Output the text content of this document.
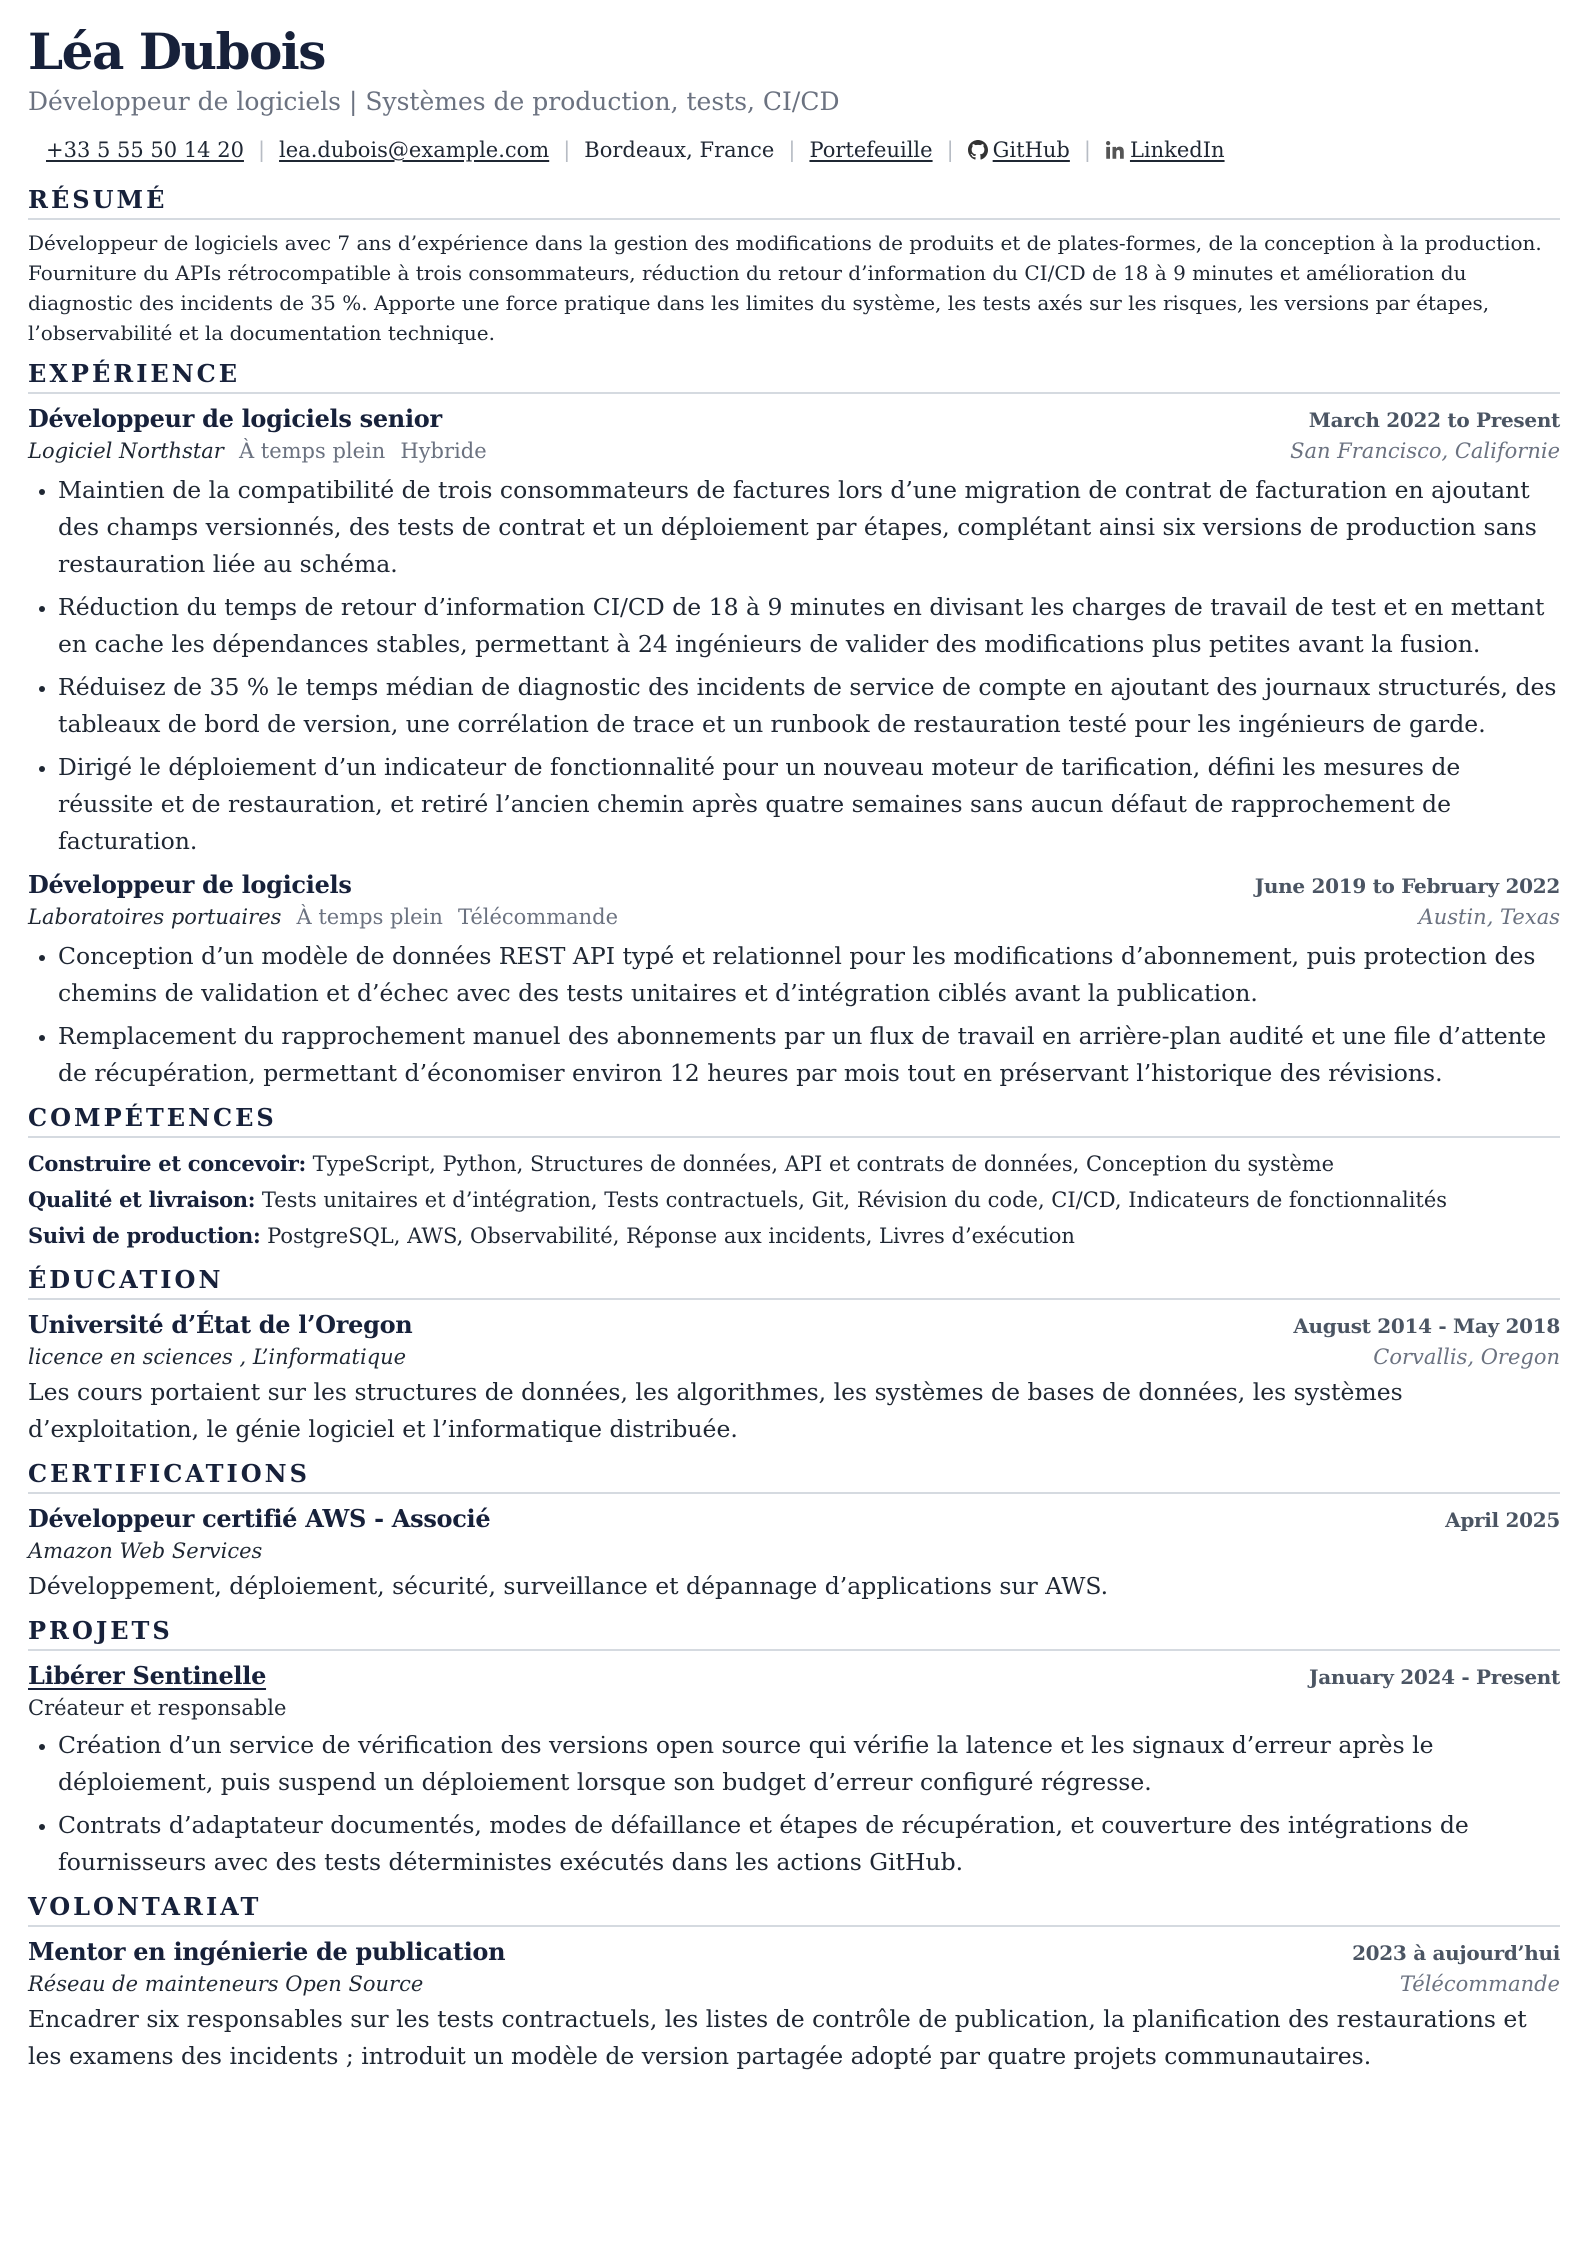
Léa Dubois
Développeur de logiciels | Systèmes de production, tests, CI/CD
+33 5 55 50 14 20 | lea.dubois@example.com | Bordeaux, France | Portefeuille |	GitHub |	LinkedIn
RÉSUMÉ
Développeur de logiciels avec 7 ans d’expérience dans la gestion des modifications de produits et de plates-formes, de la conception à la production. Fourniture du APIs rétrocompatible à trois consommateurs, réduction du retour d’information du CI/CD de 18 à 9 minutes et amélioration du diagnostic des incidents de 35 %. Apporte une force pratique dans les limites du système, les tests axés sur les risques, les versions par étapes, l’observabilité et la documentation technique.
EXPÉRIENCE
Développeur de logiciels senior	March 2022 to Present
Logiciel Northstar À temps plein Hybride	San Francisco, Californie
• Maintien de la compatibilité de trois consommateurs de factures lors d’une migration de contrat de facturation en ajoutant des champs versionnés, des tests de contrat et un déploiement par étapes, complétant ainsi six versions de production sans restauration liée au schéma.
• Réduction du temps de retour d’information CI/CD de 18 à 9 minutes en divisant les charges de travail de test et en mettant en cache les dépendances stables, permettant à 24 ingénieurs de valider des modifications plus petites avant la fusion.
• Réduisez de 35 % le temps médian de diagnostic des incidents de service de compte en ajoutant des journaux structurés, des tableaux de bord de version, une corrélation de trace et un runbook de restauration testé pour les ingénieurs de garde.
• Dirigé le déploiement d’un indicateur de fonctionnalité pour un nouveau moteur de tarification, défini les mesures de réussite et de restauration, et retiré l’ancien chemin après quatre semaines sans aucun défaut de rapprochement de facturation.
Développeur de logiciels	June 2019 to February 2022
Laboratoires portuaires À temps plein Télécommande	Austin, Texas
• Conception d’un modèle de données REST API typé et relationnel pour les modifications d’abonnement, puis protection des chemins de validation et d’échec avec des tests unitaires et d’intégration ciblés avant la publication.
• Remplacement du rapprochement manuel des abonnements par un flux de travail en arrière-plan audité et une file d’attente de récupération, permettant d’économiser environ 12 heures par mois tout en préservant l’historique des révisions.
COMPÉTENCES
Construire et concevoir: TypeScript, Python, Structures de données, API et contrats de données, Conception du système
Qualité et livraison: Tests unitaires et d’intégration, Tests contractuels, Git, Révision du code, CI/CD, Indicateurs de fonctionnalités
Suivi de production: PostgreSQL, AWS, Observabilité, Réponse aux incidents, Livres d’exécution
ÉDUCATION
Université d’État de l’Oregon	August 2014 - May 2018
licence en sciences , L’informatique	Corvallis, Oregon
Les cours portaient sur les structures de données, les algorithmes, les systèmes de bases de données, les systèmes d’exploitation, le génie logiciel et l’informatique distribuée.
CERTIFICATIONS
Développeur certifié AWS - Associé	April 2025
Amazon Web Services
Développement, déploiement, sécurité, surveillance et dépannage d’applications sur AWS.
PROJETS
Libérer Sentinelle	January 2024 - Present
Créateur et responsable
• Création d’un service de vérification des versions open source qui vérifie la latence et les signaux d’erreur après le déploiement, puis suspend un déploiement lorsque son budget d’erreur configuré régresse.
• Contrats d’adaptateur documentés, modes de défaillance et étapes de récupération, et couverture des intégrations de fournisseurs avec des tests déterministes exécutés dans les actions GitHub.
VOLONTARIAT
Mentor en ingénierie de publication	2023 à aujourd’hui
Réseau de mainteneurs Open Source	Télécommande
Encadrer six responsables sur les tests contractuels, les listes de contrôle de publication, la planification des restaurations et les examens des incidents ; introduit un modèle de version partagée adopté par quatre projets communautaires.
